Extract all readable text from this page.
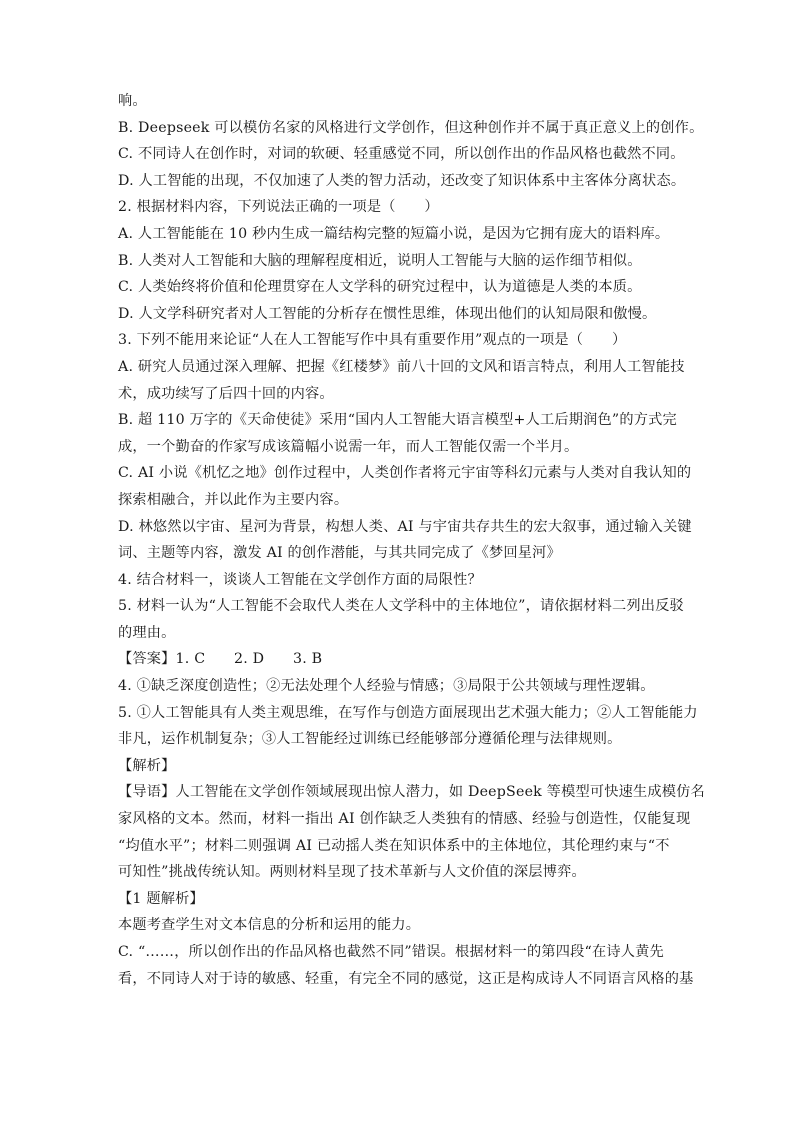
响。
B. Deepseek 可以模仿名家的风格进行文学创作，但这种创作并不属于真正意义上的创作。
C. 不同诗人在创作时，对词的软硬、轻重感觉不同，所以创作出的作品风格也截然不同。
D. 人工智能的出现，不仅加速了人类的智力活动，还改变了知识体系中主客体分离状态。
2. 根据材料内容，下列说法正确的一项是（　　）
A. 人工智能能在 10 秒内生成一篇结构完整的短篇小说，是因为它拥有庞大的语料库。
B. 人类对人工智能和大脑的理解程度相近，说明人工智能与大脑的运作细节相似。
C. 人类始终将价值和伦理贯穿在人文学科的研究过程中，认为道德是人类的本质。
D. 人文学科研究者对人工智能的分析存在惯性思维，体现出他们的认知局限和傲慢。
3. 下列不能用来论证“人在人工智能写作中具有重要作用”观点的一项是（　　）
A. 研究人员通过深入理解、把握《红楼梦》前八十回的文风和语言特点，利用人工智能技
术，成功续写了后四十回的内容。
B. 超 110 万字的《天命使徒》采用“国内人工智能大语言模型+人工后期润色”的方式完
成，一个勤奋的作家写成该篇幅小说需一年，而人工智能仅需一个半月。
C. AI 小说《机忆之地》创作过程中，人类创作者将元宇宙等科幻元素与人类对自我认知的
探索相融合，并以此作为主要内容。
D. 林悠然以宇宙、星河为背景，构想人类、AI 与宇宙共存共生的宏大叙事，通过输入关键
词、主题等内容，激发 AI 的创作潜能，与其共同完成了《梦回星河》
4. 结合材料一，谈谈人工智能在文学创作方面的局限性？
5. 材料一认为“人工智能不会取代人类在人文学科中的主体地位”，请依据材料二列出反驳
的理由。
【答案】1. C　　2. D　　3. B
4. ①缺乏深度创造性；②无法处理个人经验与情感；③局限于公共领域与理性逻辑。
5. ①人工智能具有人类主观思维，在写作与创造方面展现出艺术强大能力；②人工智能能力
非凡，运作机制复杂；③人工智能经过训练已经能够部分遵循伦理与法律规则。
【解析】
【导语】人工智能在文学创作领域展现出惊人潜力，如 DeepSeek 等模型可快速生成模仿名
家风格的文本。然而，材料一指出 AI 创作缺乏人类独有的情感、经验与创造性，仅能复现
“均值水平”；材料二则强调 AI 已动摇人类在知识体系中的主体地位，其伦理约束与“不
可知性”挑战传统认知。两则材料呈现了技术革新与人文价值的深层博弈。
【1 题解析】
本题考查学生对文本信息的分析和运用的能力。
C. “……，所以创作出的作品风格也截然不同”错误。根据材料一的第四段“在诗人黄先
看，不同诗人对于诗的敏感、轻重，有完全不同的感觉，这正是构成诗人不同语言风格的基
